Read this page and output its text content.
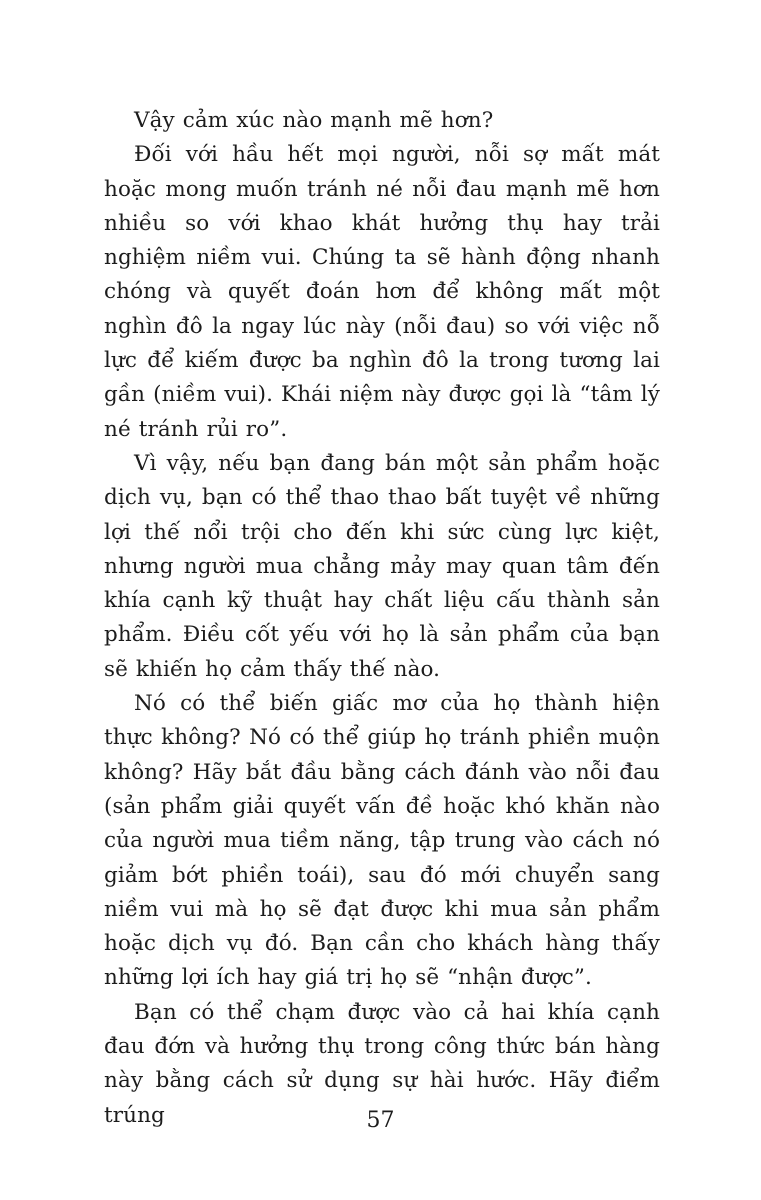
Vậy cảm xúc nào mạnh mẽ hơn?

Đối với hầu hết mọi người, nỗi sợ mất mát hoặc mong muốn tránh né nỗi đau mạnh mẽ hơn nhiều so với khao khát hưởng thụ hay trải nghiệm niềm vui. Chúng ta sẽ hành động nhanh chóng và quyết đoán hơn để không mất một nghìn đô la ngay lúc này (nỗi đau) so với việc nỗ lực để kiếm được ba nghìn đô la trong tương lai gần (niềm vui). Khái niệm này được gọi là “tâm lý né tránh rủi ro”.

Vì vậy, nếu bạn đang bán một sản phẩm hoặc dịch vụ, bạn có thể thao thao bất tuyệt về những lợi thế nổi trội cho đến khi sức cùng lực kiệt, nhưng người mua chẳng mảy may quan tâm đến khía cạnh kỹ thuật hay chất liệu cấu thành sản phẩm. Điều cốt yếu với họ là sản phẩm của bạn sẽ khiến họ cảm thấy thế nào.

Nó có thể biến giấc mơ của họ thành hiện thực không? Nó có thể giúp họ tránh phiền muộn không? Hãy bắt đầu bằng cách đánh vào nỗi đau (sản phẩm giải quyết vấn đề hoặc khó khăn nào của người mua tiềm năng, tập trung vào cách nó giảm bớt phiền toái), sau đó mới chuyển sang niềm vui mà họ sẽ đạt được khi mua sản phẩm hoặc dịch vụ đó. Bạn cần cho khách hàng thấy những lợi ích hay giá trị họ sẽ “nhận được”.

Bạn có thể chạm được vào cả hai khía cạnh đau đớn và hưởng thụ trong công thức bán hàng này bằng cách sử dụng sự hài hước. Hãy điểm trúng	57
